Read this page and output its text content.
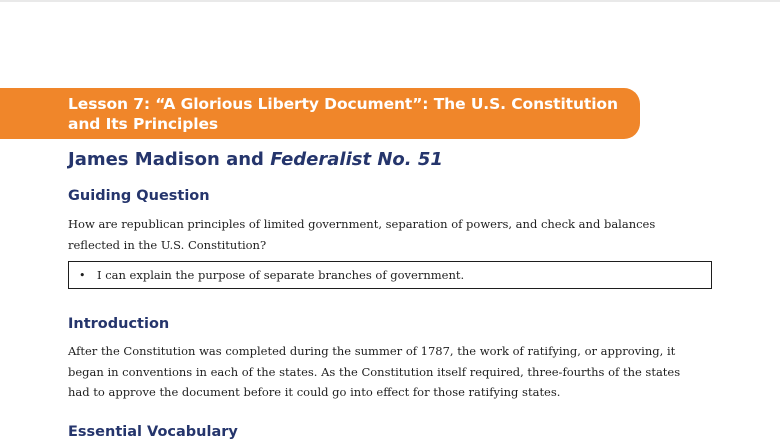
Lesson 7: “A Glorious Liberty Document”: The U.S. Constitution
and Its Principles
James Madison and Federalist No. 51
Guiding Question
How are republican principles of limited government, separation of powers, and check and balances
reflected in the U.S. Constitution?
•	I can explain the purpose of separate branches of government.
Introduction
After the Constitution was completed during the summer of 1787, the work of ratifying, or approving, it
began in conventions in each of the states. As the Constitution itself required, three-fourths of the states
had to approve the document before it could go into effect for those ratifying states.
Essential Vocabulary
